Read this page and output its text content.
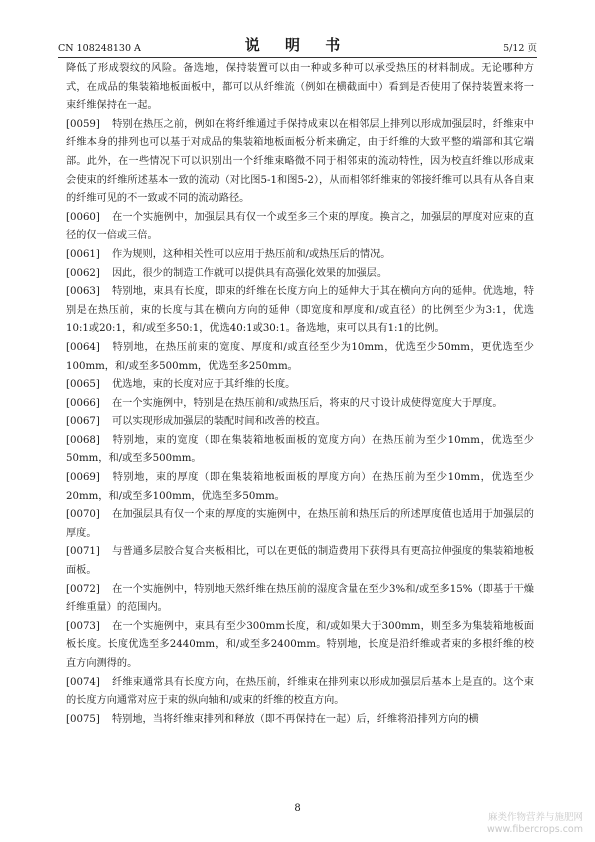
CN 108248130 A	说 明 书	5/12 页

降低了形成裂纹的风险。备选地，保持装置可以由一种或多种可以承受热压的材料制成。无论哪种方式，在成品的集装箱地板面板中，都可以从纤维流（例如在横截面中）看到是否使用了保持装置来将一束纤维保持在一起。

[0059] 特别在热压之前，例如在将纤维通过手保持成束以在相邻层上排列以形成加强层时，纤维束中纤维本身的排列也可以基于对成品的集装箱地板面板分析来确定，由于纤维的大致平整的端部和其它端部。此外，在一些情况下可以识别出一个纤维束略微不同于相邻束的流动特性，因为校直纤维以形成束会使束的纤维所述基本一致的流动（对比图5-1和图5-2），从而相邻纤维束的邻接纤维可以具有从各自束的纤维可见的不一致或不同的流动路径。

[0060] 在一个实施例中，加强层具有仅一个或至多三个束的厚度。换言之，加强层的厚度对应束的直径的仅一倍或三倍。

[0061] 作为规则，这种相关性可以应用于热压前和/或热压后的情况。

[0062] 因此，很少的制造工作就可以提供具有高强化效果的加强层。

[0063] 特别地，束具有长度，即束的纤维在长度方向上的延伸大于其在横向方向的延伸。优选地，特别是在热压前，束的长度与其在横向方向的延伸（即宽度和厚度和/或直径）的比例至少为3:1，优选10:1或20:1，和/或至多50:1，优选40:1或30:1。备选地，束可以具有1:1的比例。

[0064] 特别地，在热压前束的宽度、厚度和/或直径至少为10mm，优选至少50mm，更优选至少100mm，和/或至多500mm，优选至多250mm。

[0065] 优选地，束的长度对应于其纤维的长度。

[0066] 在一个实施例中，特别是在热压前和/或热压后，将束的尺寸设计成使得宽度大于厚度。

[0067] 可以实现形成加强层的装配时间和改善的校直。

[0068] 特别地，束的宽度（即在集装箱地板面板的宽度方向）在热压前为至少10mm，优选至少50mm，和/或至多500mm。

[0069] 特别地，束的厚度（即在集装箱地板面板的厚度方向）在热压前为至少10mm，优选至少20mm，和/或至多100mm，优选至多50mm。

[0070] 在加强层具有仅一个束的厚度的实施例中，在热压前和热压后的所述厚度值也适用于加强层的厚度。

[0071] 与普通多层胶合复合夹板相比，可以在更低的制造费用下获得具有更高拉伸强度的集装箱地板面板。

[0072] 在一个实施例中，特别地天然纤维在热压前的湿度含量在至少3%和/或至多15%（即基于干燥纤维重量）的范围内。

[0073] 在一个实施例中，束具有至少300mm长度，和/或如果大于300mm，则至多为集装箱地板面板长度。长度优选至多2440mm，和/或至多2400mm。特别地，长度是沿纤维或者束的多根纤维的校直方向测得的。

[0074] 纤维束通常具有长度方向，在热压前，纤维束在排列束以形成加强层后基本上是直的。这个束的长度方向通常对应于束的纵向轴和/或束的纤维的校直方向。

[0075] 特别地，当将纤维束排列和释放（即不再保持在一起）后，纤维将沿排列方向的横

8
麻类作物营养与施肥网
www.fibercrops.com
